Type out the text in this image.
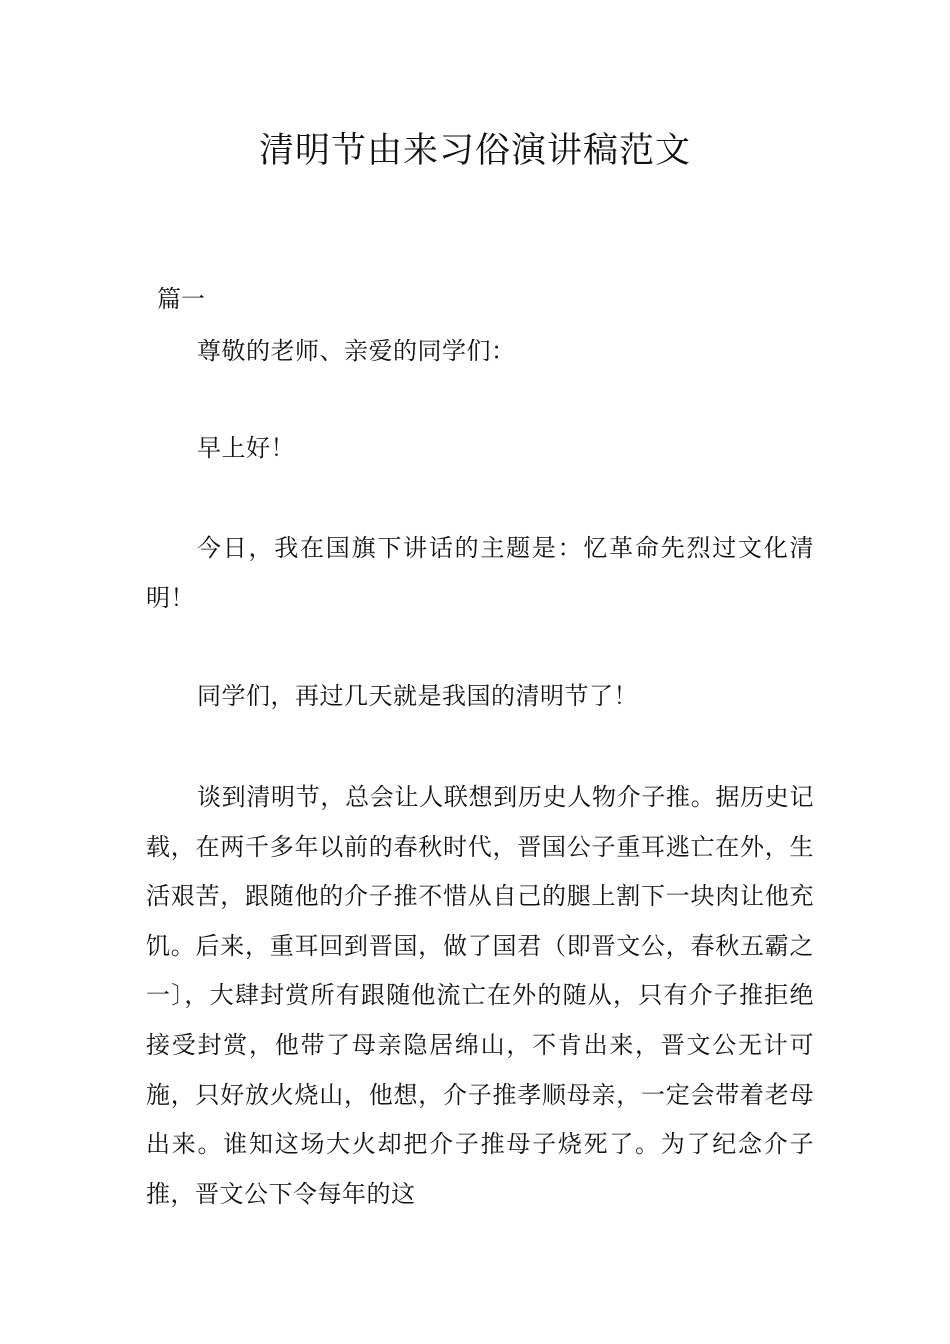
清明节由来习俗演讲稿范文
篇一

尊敬的老师、亲爱的同学们：

早上好！

今日，我在国旗下讲话的主题是：忆革命先烈过文化清明！

同学们，再过几天就是我国的清明节了！

谈到清明节，总会让人联想到历史人物介子推。据历史记载，在两千多年以前的春秋时代，晋国公子重耳逃亡在外，生活艰苦，跟随他的介子推不惜从自己的腿上割下一块肉让他充饥。后来，重耳回到晋国，做了国君（即晋文公，春秋五霸之一〕，大肆封赏所有跟随他流亡在外的随从，只有介子推拒绝接受封赏，他带了母亲隐居绵山，不肯出来，晋文公无计可施，只好放火烧山，他想，介子推孝顺母亲，一定会带着老母出来。谁知这场大火却把介子推母子烧死了。为了纪念介子推，晋文公下令每年的这
